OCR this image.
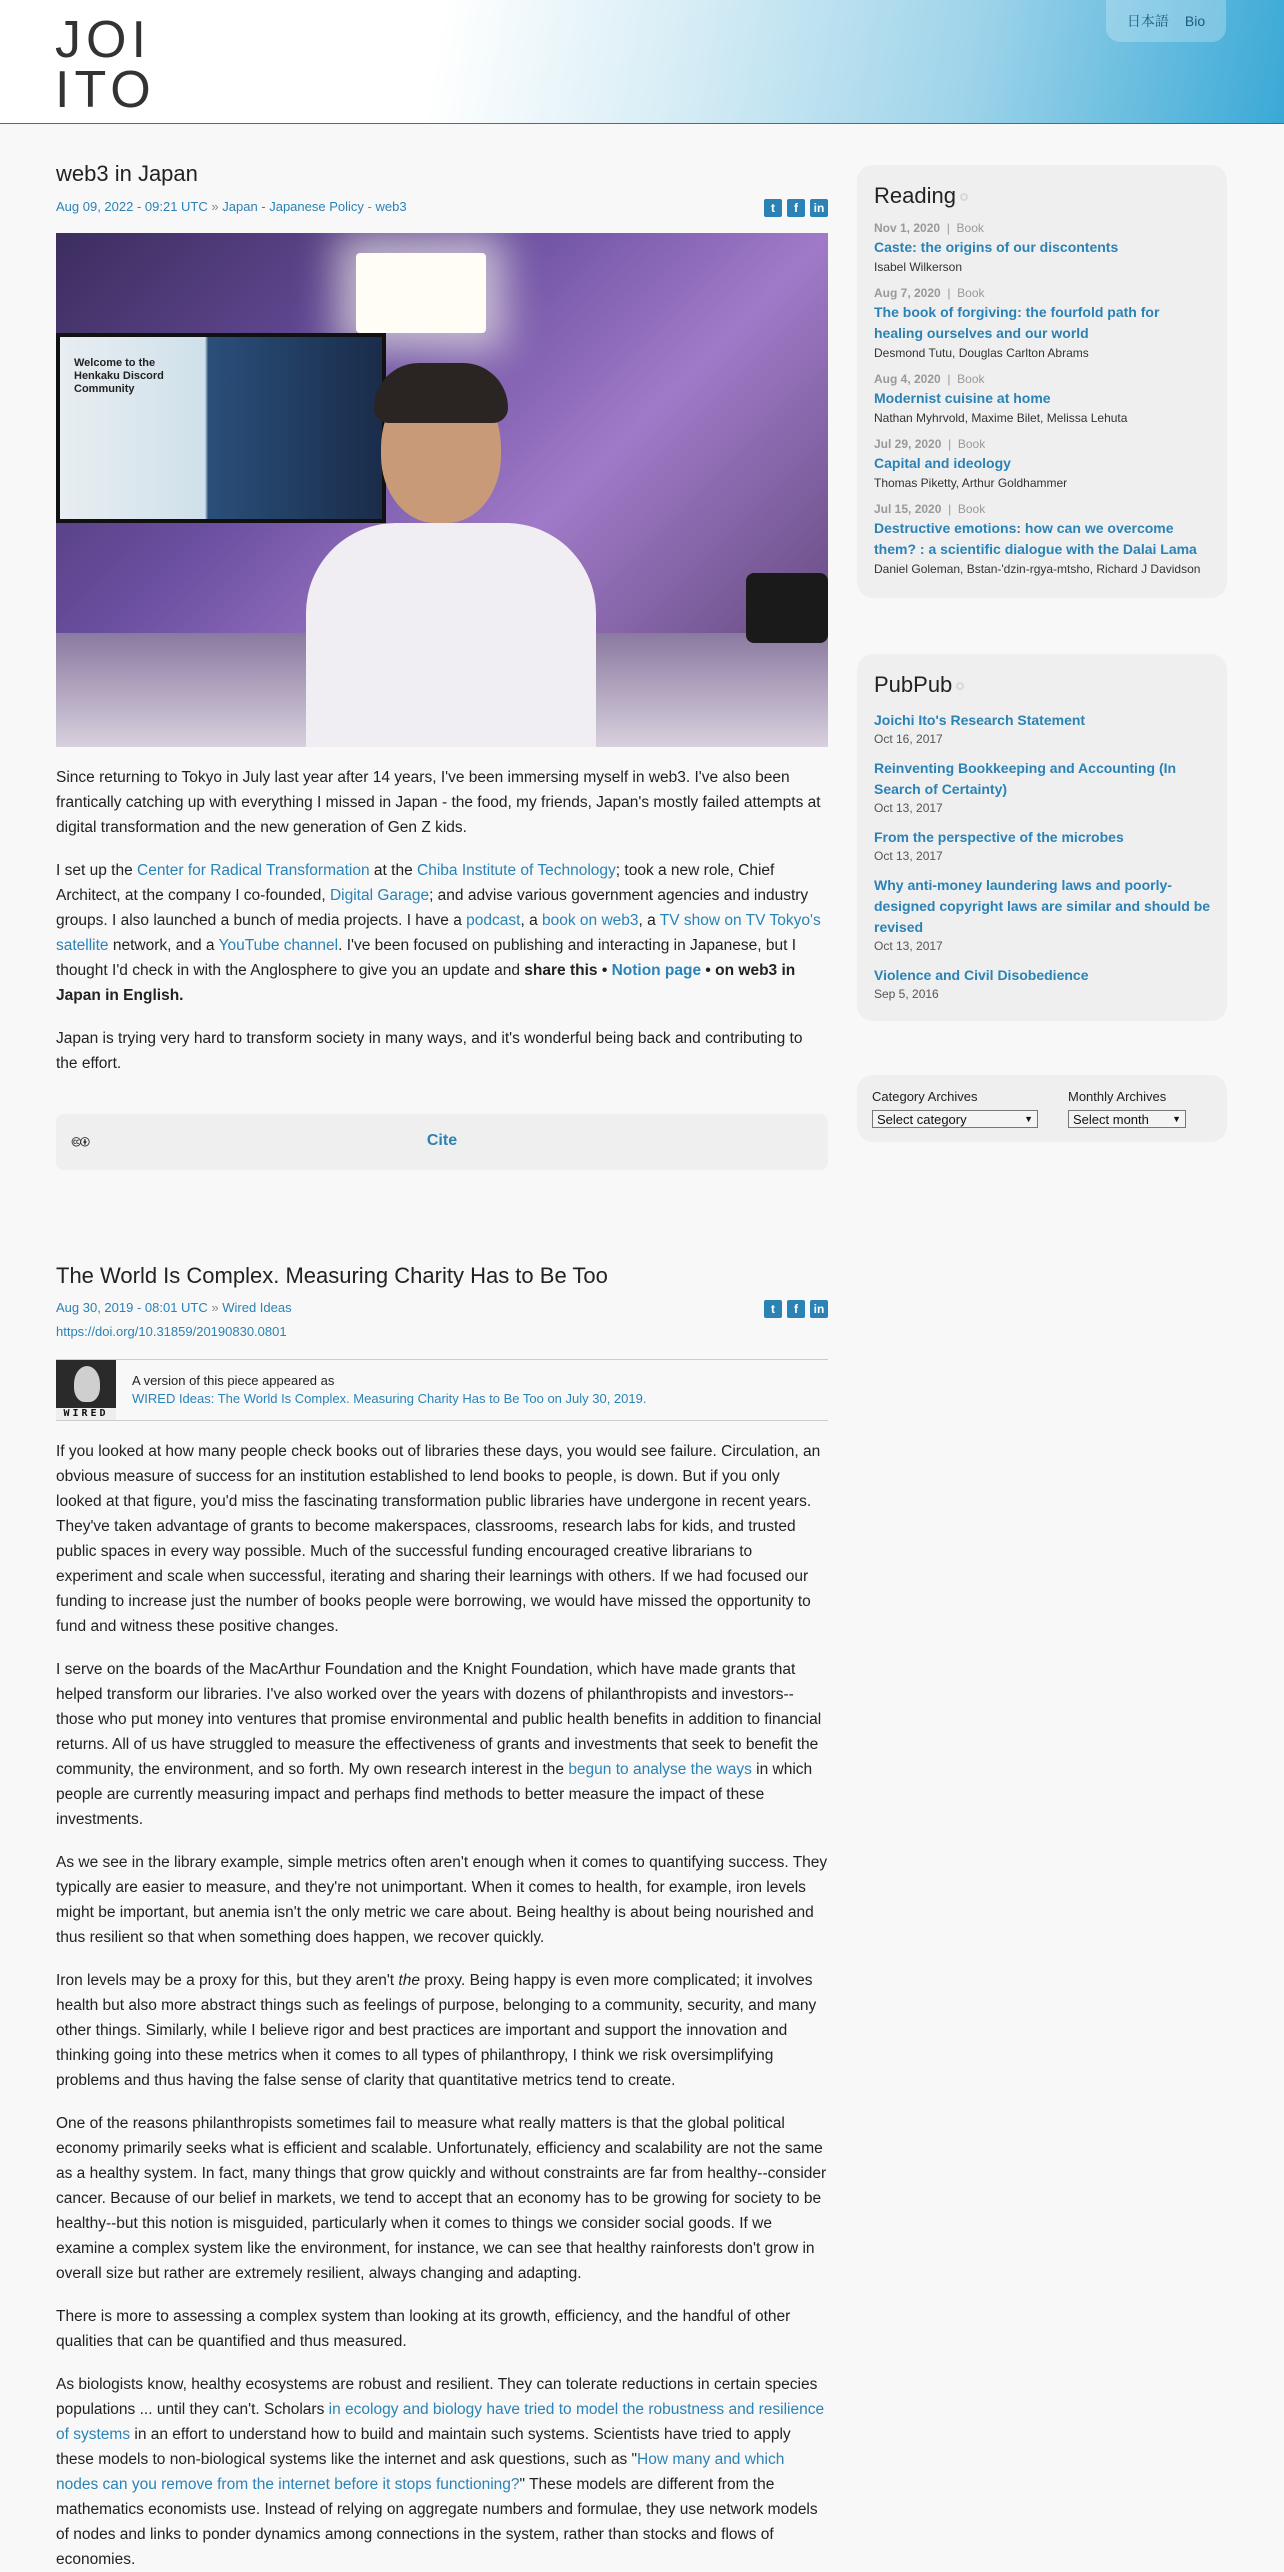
JOI
ITO
日本語 Bio
web3 in Japan
Aug 09, 2022 - 09:21 UTC » Japan - Japanese Policy - web3	t	f	in
Welcome to the Henkaku Discord Community

Since returning to Tokyo in July last year after 14 years, I've been immersing myself in web3. I've also been frantically catching up with everything I missed in Japan - the food, my friends, Japan's mostly failed attempts at digital transformation and the new generation of Gen Z kids.

I set up the Center for Radical Transformation at the Chiba Institute of Technology; took a new role, Chief Architect, at the company I co-founded, Digital Garage; and advise various government agencies and industry groups. I also launched a bunch of media projects. I have a podcast, a book on web3, a TV show on TV Tokyo's satellite network, and a YouTube channel. I've been focused on publishing and interacting in Japanese, but I thought I'd check in with the Anglosphere to give you an update and share this • Notion page • on web3 in Japan in English.

Japan is trying very hard to transform society in many ways, and it's wonderful being back and contributing to the effort.

🅭🅯	Cite
The World Is Complex. Measuring Charity Has to Be Too
Aug 30, 2019 - 08:01 UTC » Wired Ideas	t	f	in
https://doi.org/10.31859/20190830.0801
WIRED
A version of this piece appeared as
WIRED Ideas: The World Is Complex. Measuring Charity Has to Be Too on July 30, 2019.

If you looked at how many people check books out of libraries these days, you would see failure. Circulation, an obvious measure of success for an institution established to lend books to people, is down. But if you only looked at that figure, you'd miss the fascinating transformation public libraries have undergone in recent years. They've taken advantage of grants to become makerspaces, classrooms, research labs for kids, and trusted public spaces in every way possible. Much of the successful funding encouraged creative librarians to experiment and scale when successful, iterating and sharing their learnings with others. If we had focused our funding to increase just the number of books people were borrowing, we would have missed the opportunity to fund and witness these positive changes.

I serve on the boards of the MacArthur Foundation and the Knight Foundation, which have made grants that helped transform our libraries. I've also worked over the years with dozens of philanthropists and investors--those who put money into ventures that promise environmental and public health benefits in addition to financial returns. All of us have struggled to measure the effectiveness of grants and investments that seek to benefit the community, the environment, and so forth. My own research interest in the begun to analyse the ways in which people are currently measuring impact and perhaps find methods to better measure the impact of these investments.

As we see in the library example, simple metrics often aren't enough when it comes to quantifying success. They typically are easier to measure, and they're not unimportant. When it comes to health, for example, iron levels might be important, but anemia isn't the only metric we care about. Being healthy is about being nourished and thus resilient so that when something does happen, we recover quickly.

Iron levels may be a proxy for this, but they aren't the proxy. Being happy is even more complicated; it involves health but also more abstract things such as feelings of purpose, belonging to a community, security, and many other things. Similarly, while I believe rigor and best practices are important and support the innovation and thinking going into these metrics when it comes to all types of philanthropy, I think we risk oversimplifying problems and thus having the false sense of clarity that quantitative metrics tend to create.

One of the reasons philanthropists sometimes fail to measure what really matters is that the global political economy primarily seeks what is efficient and scalable. Unfortunately, efficiency and scalability are not the same as a healthy system. In fact, many things that grow quickly and without constraints are far from healthy--consider cancer. Because of our belief in markets, we tend to accept that an economy has to be growing for society to be healthy--but this notion is misguided, particularly when it comes to things we consider social goods. If we examine a complex system like the environment, for instance, we can see that healthy rainforests don't grow in overall size but rather are extremely resilient, always changing and adapting.

There is more to assessing a complex system than looking at its growth, efficiency, and the handful of other qualities that can be quantified and thus measured.

As biologists know, healthy ecosystems are robust and resilient. They can tolerate reductions in certain species populations ... until they can't. Scholars in ecology and biology have tried to model the robustness and resilience of systems in an effort to understand how to build and maintain such systems. Scientists have tried to apply these models to non-biological systems like the internet and ask questions, such as "How many and which nodes can you remove from the internet before it stops functioning?" These models are different from the mathematics economists use. Instead of relying on aggregate numbers and formulae, they use network models of nodes and links to ponder dynamics among connections in the system, rather than stocks and flows of economies.

Reading
Nov 1, 2020 | Book
Caste: the origins of our discontents
Isabel Wilkerson
Aug 7, 2020 | Book
The book of forgiving: the fourfold path for healing ourselves and our world
Desmond Tutu, Douglas Carlton Abrams
Aug 4, 2020 | Book
Modernist cuisine at home
Nathan Myhrvold, Maxime Bilet, Melissa Lehuta
Jul 29, 2020 | Book
Capital and ideology
Thomas Piketty, Arthur Goldhammer
Jul 15, 2020 | Book
Destructive emotions: how can we overcome them? : a scientific dialogue with the Dalai Lama
Daniel Goleman, Bstan-'dzin-rgya-mtsho, Richard J Davidson
PubPub
Joichi Ito's Research Statement
Oct 16, 2017
Reinventing Bookkeeping and Accounting (In Search of Certainty)
Oct 13, 2017
From the perspective of the microbes
Oct 13, 2017
Why anti-money laundering laws and poorly-designed copyright laws are similar and should be revised
Oct 13, 2017
Violence and Civil Disobedience
Sep 5, 2016
Category Archives
Select category	▼
Monthly Archives
Select month	▼
